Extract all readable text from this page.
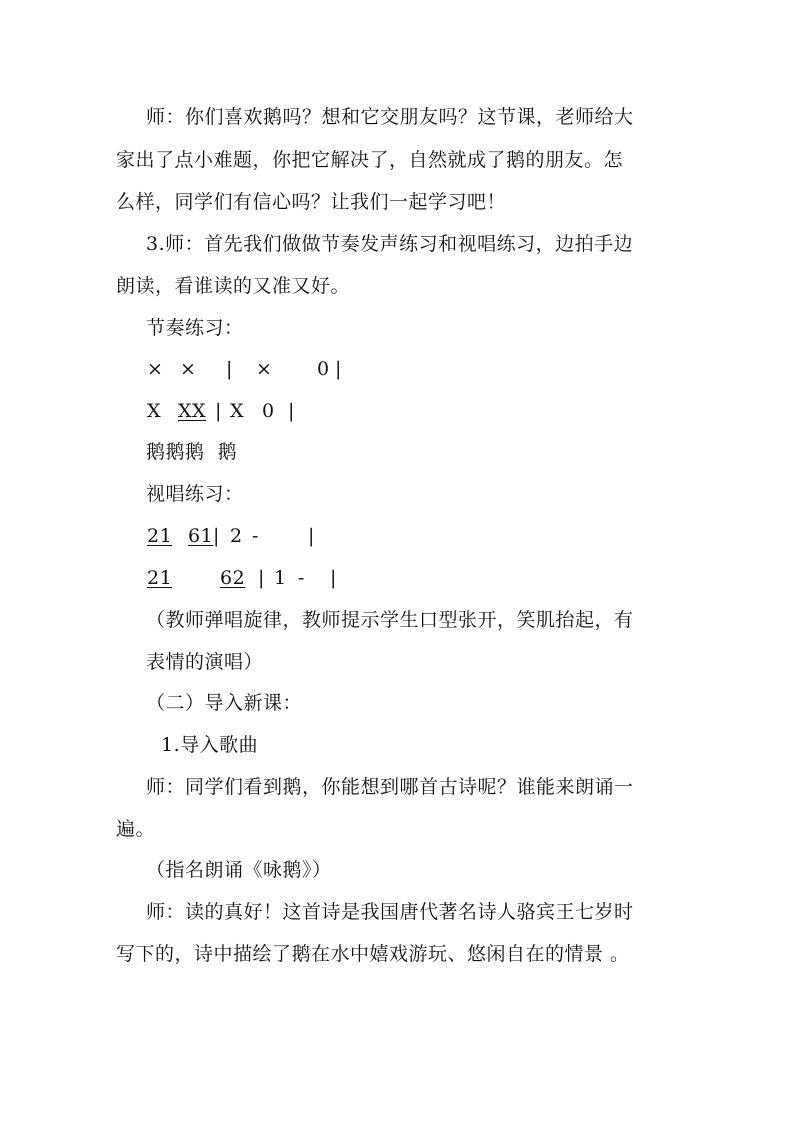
师：你们喜欢鹅吗？想和它交朋友吗？这节课，老师给大
家出了点小难题，你把它解决了，自然就成了鹅的朋友。怎
么样，同学们有信心吗？让我们一起学习吧！
3.师：首先我们做做节奏发声练习和视唱练习，边拍手边
朗读，看谁读的又准又好。
节奏练习：
× × | × 0 |
X XX | X 0 |
鹅鹅鹅  鹅
视唱练习：
21 61 | 2 -	|
21	62 | 1 - |
（教师弹唱旋律，教师提示学生口型张开，笑肌抬起，有
表情的演唱）
（二）导入新课：
1.导入歌曲
师：同学们看到鹅，你能想到哪首古诗呢？谁能来朗诵一
遍。
（指名朗诵《咏鹅》）
师：读的真好！这首诗是我国唐代著名诗人骆宾王七岁时
写下的，诗中描绘了鹅在水中嬉戏游玩、悠闲自在的情景 。
